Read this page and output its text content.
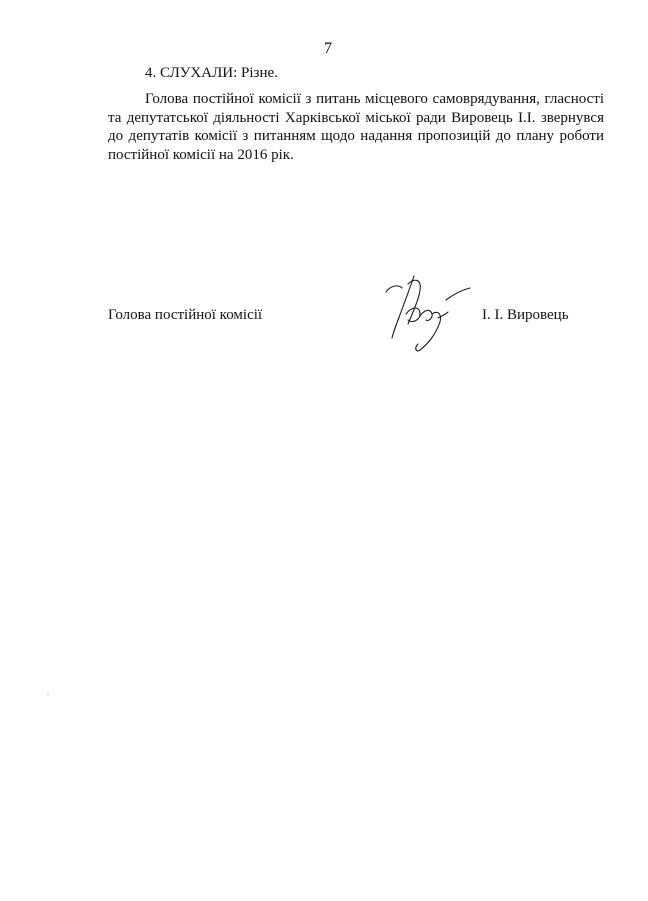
7
4. СЛУХАЛИ: Різне.
Голова постійної комісії з питань місцевого самоврядування, гласності
та депутатської діяльності Харківської міської ради Вировець І.І. звернувся
до депутатів комісії з питанням щодо надання пропозицій до плану роботи
постійної комісії на 2016 рік.
Голова постійної комісії	І. І. Вировець
